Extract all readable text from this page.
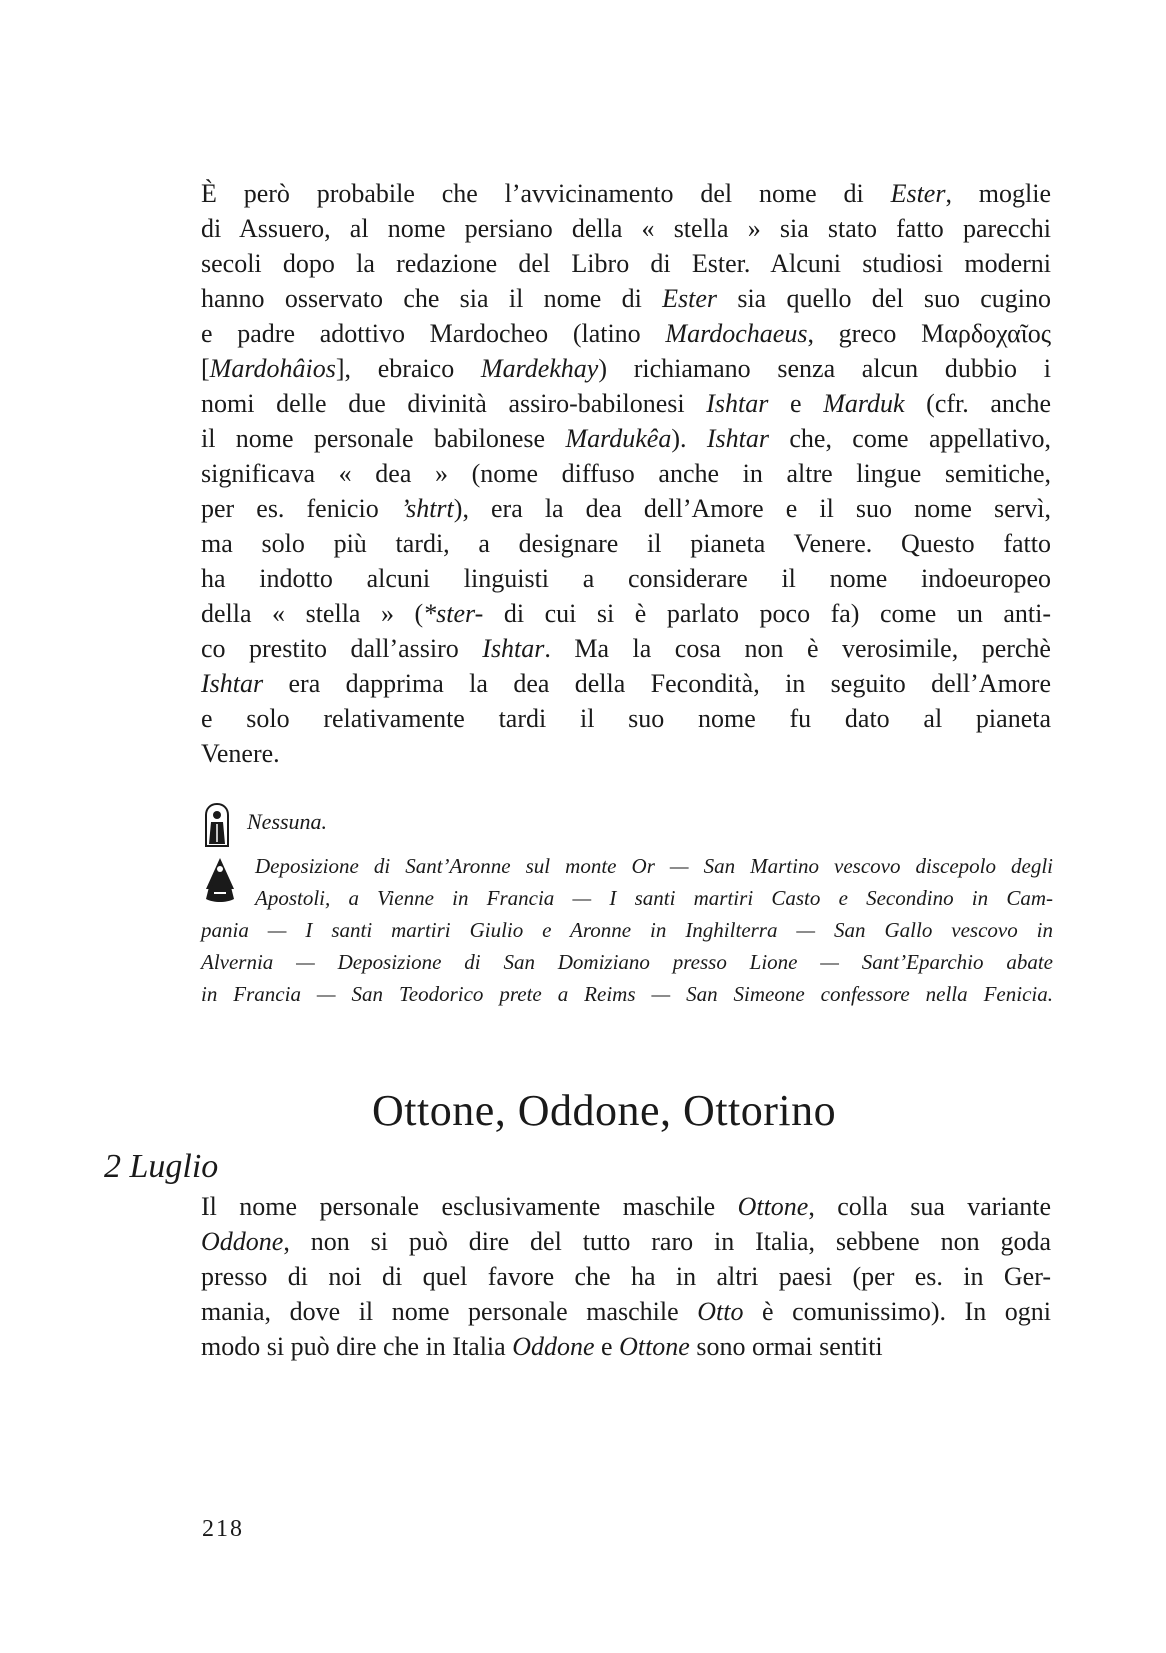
È però probabile che l’avvicinamento del nome di Ester, moglie
di Assuero, al nome persiano della « stella » sia stato fatto parecchi
secoli dopo la redazione del Libro di Ester. Alcuni studiosi moderni
hanno osservato che sia il nome di Ester sia quello del suo cugino
e padre adottivo Mardocheo (latino Mardochaeus, greco Μαρδοχαῖος
[Mardohâios], ebraico Mardekhay) richiamano senza alcun dubbio i
nomi delle due divinità assiro-babilonesi Ishtar e Marduk (cfr. anche
il nome personale babilonese Mardukêa). Ishtar che, come appellativo,
significava « dea » (nome diffuso anche in altre lingue semitiche,
per es. fenicio ’shtrt), era la dea dell’Amore e il suo nome servì,
ma solo più tardi, a designare il pianeta Venere. Questo fatto
ha indotto alcuni linguisti a considerare il nome indoeuropeo
della « stella » (*ster- di cui si è parlato poco fa) come un anti-
co prestito dall’assiro Ishtar. Ma la cosa non è verosimile, perchè
Ishtar era dapprima la dea della Fecondità, in seguito dell’Amore
e solo relativamente tardi il suo nome fu dato al pianeta
Venere.
Nessuna.
Deposizione di Sant’Aronne sul monte Or — San Martino vescovo discepolo degli
Apostoli, a Vienne in Francia — I santi martiri Casto e Secondino in Cam-
pania — I santi martiri Giulio e Aronne in Inghilterra — San Gallo vescovo in
Alvernia — Deposizione di San Domiziano presso Lione — Sant’Eparchio abate
in Francia — San Teodorico prete a Reims — San Simeone confessore nella Fenicia.
Ottone, Oddone, Ottorino
2 Luglio
Il nome personale esclusivamente maschile Ottone, colla sua variante
Oddone, non si può dire del tutto raro in Italia, sebbene non goda
presso di noi di quel favore che ha in altri paesi (per es. in Ger-
mania, dove il nome personale maschile Otto è comunissimo). In ogni
modo si può dire che in Italia Oddone e Ottone sono ormai sentiti
218
